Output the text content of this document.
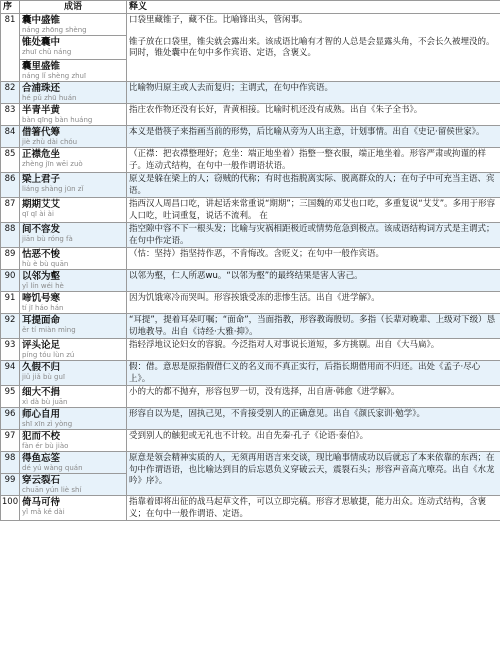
序	成语	释义
81	囊中盛锥
náng zhōng shèng	口袋里藏锥子，藏不住。比喻锋出头，管闲事。

	锥处囊中
zhuī chǔ náng	锥子放在口袋里，锥尖就会露出来。该成语比喻有才智的人总是会显露头角，不会长久被埋没的。同时，锥处囊中在句中多作宾语、定语，含褒义。

	囊里盛锥
náng lǐ shèng zhuī	

82	合浦珠还
hé pǔ zhū huán	比喻物归原主或人去而复归；主谓式，在句中作宾语。
83	半青半黄
bàn qīng bàn huáng	指庄农作物还没有长好，青黄相接。比喻时机还没有成熟。出自《朱子全书》。
84	借箸代筹
jiè zhù dài chóu	本义是借筷子来指画当前的形势，后比喻从旁为人出主意，计划事情。出自《史记·留侯世家》。
85	正襟危坐
zhèng jīn wēi zuò	（正襟：把衣襟整理好；危坐：端正地坐着）指整一整衣服，端正地坐着。形容严肃或拘谨的样子。连动式结构，在句中一般作谓语状语。
86	梁上君子
liáng shàng jūn zǐ	原义是躲在梁上的人；窃贼的代称；有时也指脱离实际、脱离群众的人；在句子中可充当主语、宾语。
87	期期艾艾
qī qī ài ài	指西汉人周昌口吃，讲起话来常重说“期期”；三国魏的邓艾也口吃，多重复说“艾艾”。多用于形容人口吃，吐词重复，说话不流利。 在
88	间不容发
jiān bù róng fà	指空隙中容不下一根头发；比喻与灾祸相距极近或情势危急到极点。该成语结构词方式是主谓式；在句中作定语。
89	怙恶不悛
hù è bù quān	（怙：坚持）指坚持作恶，不肯悔改。含贬义；在句中一般作宾语。
90	以邻为壑
yǐ lín wéi hè	以邻为壑，仁人所恶wu。“以邻为壑”的最终结果是害人害己。
91	啼饥号寒
tí jī háo hán	因为饥饿寒冷而哭叫。形容挨饿受冻的悲惨生活。出自《进学解》。
92	耳提面命
ěr tí miàn mìng	“耳提”，提着耳朵叮嘱；“面命”，当面指教，形容教诲殷切。多指（长辈对晚辈、上级对下级）恳切地教导。出自《诗经·大雅·抑》。
93	评头论足
píng tóu lùn zú	指轻浮地议论妇女的容貌。今泛指对人对事说长道短，多方挑剔。出自《大马扁》。
94	久假不归
jiǔ jiǎ bù guī	假：借。意思是原指假借仁义的名义而不真正实行，后指长期借用而不归还。出处《孟子·尽心上》。
95	细大不捐
xì dà bù juān	小的大的都不抛弃，形容包罗一切，没有选择，出自唐·韩愈《进学解》。
96	师心自用
shī xīn zì yòng	形容自以为是，固执己见，不肯接受别人的正确意见。出自《颜氏家训·勉学》。
97	犯而不校
fàn ér bù jiào	受到别人的触犯或无礼也不计较。出自先秦·孔子《论语·泰伯》。
98	得鱼忘筌
dé yú wàng quán	原意是领会精神实质的人，无须再用语言来交谈，现比喻事情成功以后就忘了本来依靠的东西；在句中作谓语语，也比喻达到目的后忘恩负义穿破云天，震裂石头；形容声音高亢嘹亮。出自《水龙吟》序》。
99	穿云裂石
chuān yún liè shí	

100	倚马可待
yǐ mǎ kě dài	指靠着即将出征的战马起草文件，可以立即完稿。形容才思敏捷，能力出众。连动式结构，含褒义；在句中一般作谓语、定语。
